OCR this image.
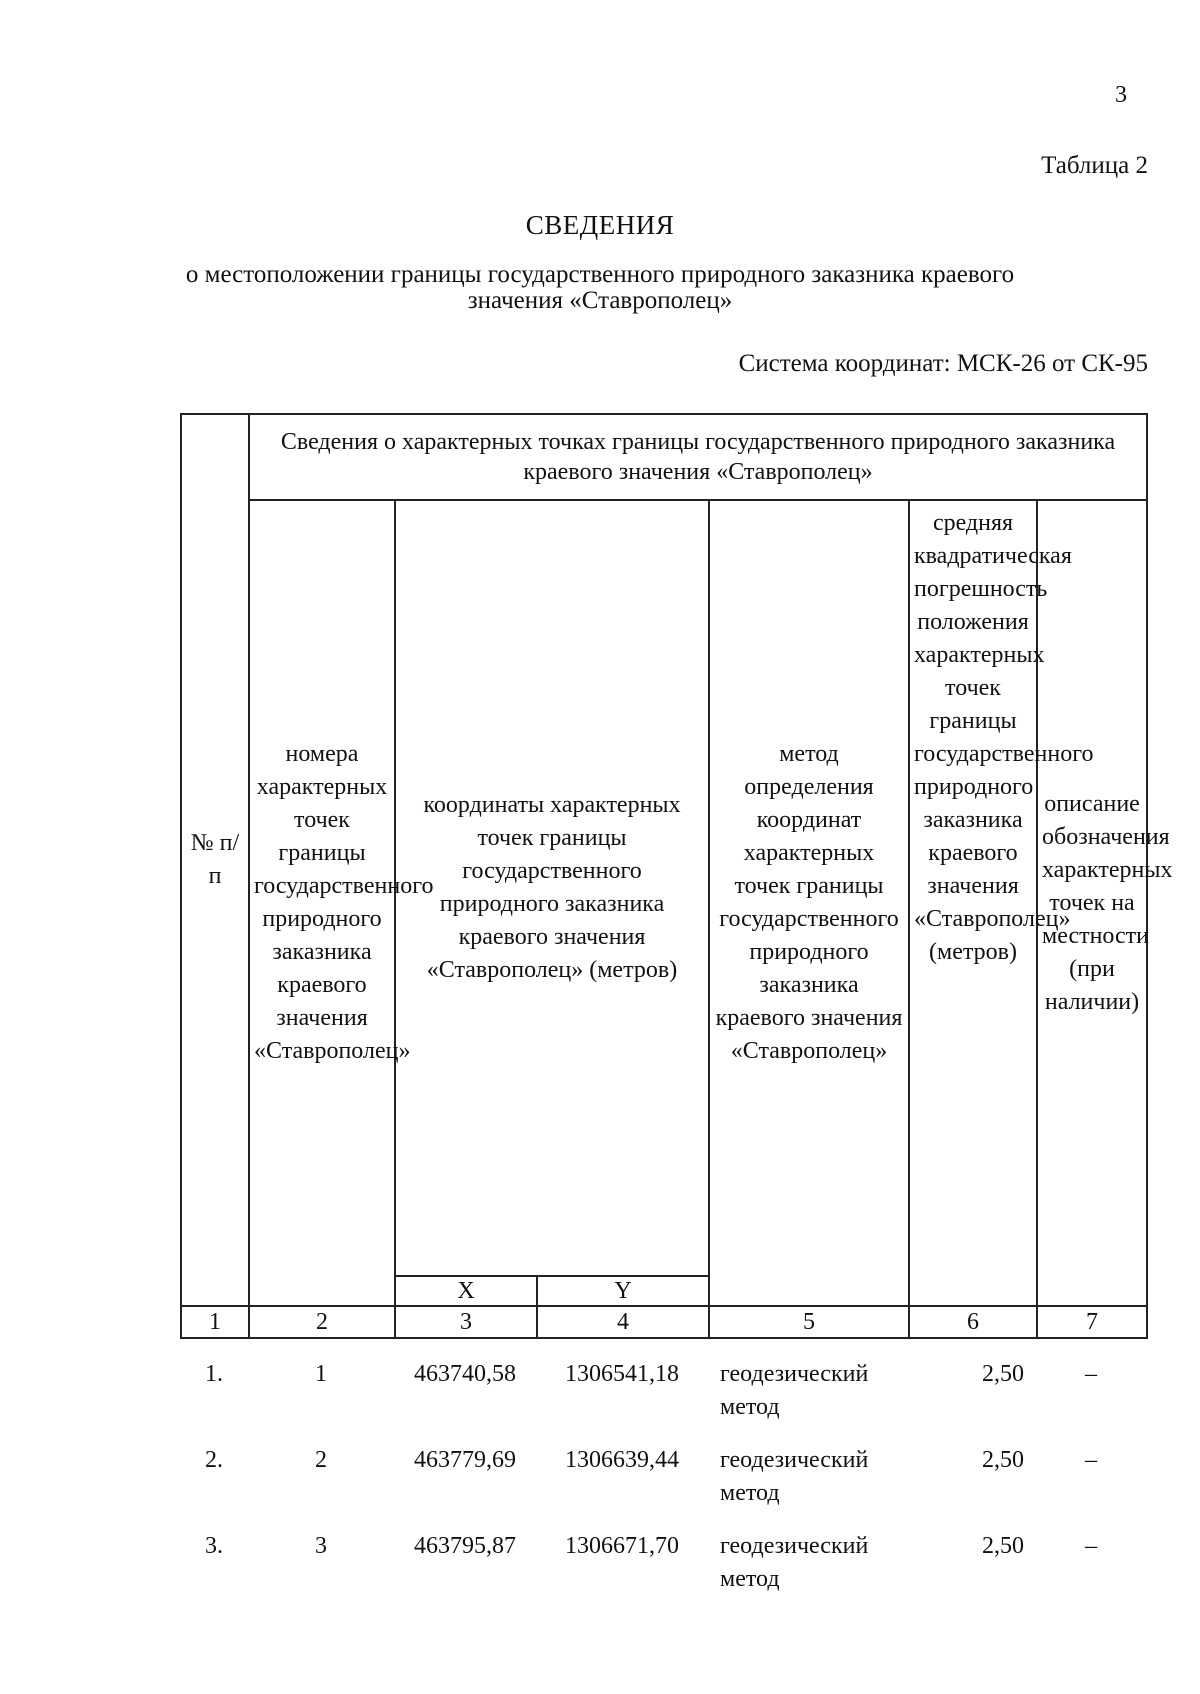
3
Таблица 2
СВЕДЕНИЯ
о местоположении границы государственного природного заказника краевого значения «Ставрополец»
Система координат: МСК-26 от СК-95
№ п/п	Сведения о характерных точках границы государственного природного заказника краевого значения «Ставрополец»					
	номера характерных точек границы государственного природного заказника краевого значения «Ставрополец»	координаты характерных точек границы государственного природного заказника краевого значения «Ставрополец» (метров)		метод определения координат характерных точек границы государственного природного заказника краевого значения «Ставрополец»	средняя квадратическая погрешность положения характерных точек границы государственного природного заказника краевого значения «Ставрополец» (метров)	описание обозначения характерных точек на местности (при наличии)
		X	Y			
1	2	3	4	5	6	7
1.	1	463740,58	1306541,18	геодезический метод	2,50	–
2.	2	463779,69	1306639,44	геодезический метод	2,50	–
3.	3	463795,87	1306671,70	геодезический метод	2,50	–
